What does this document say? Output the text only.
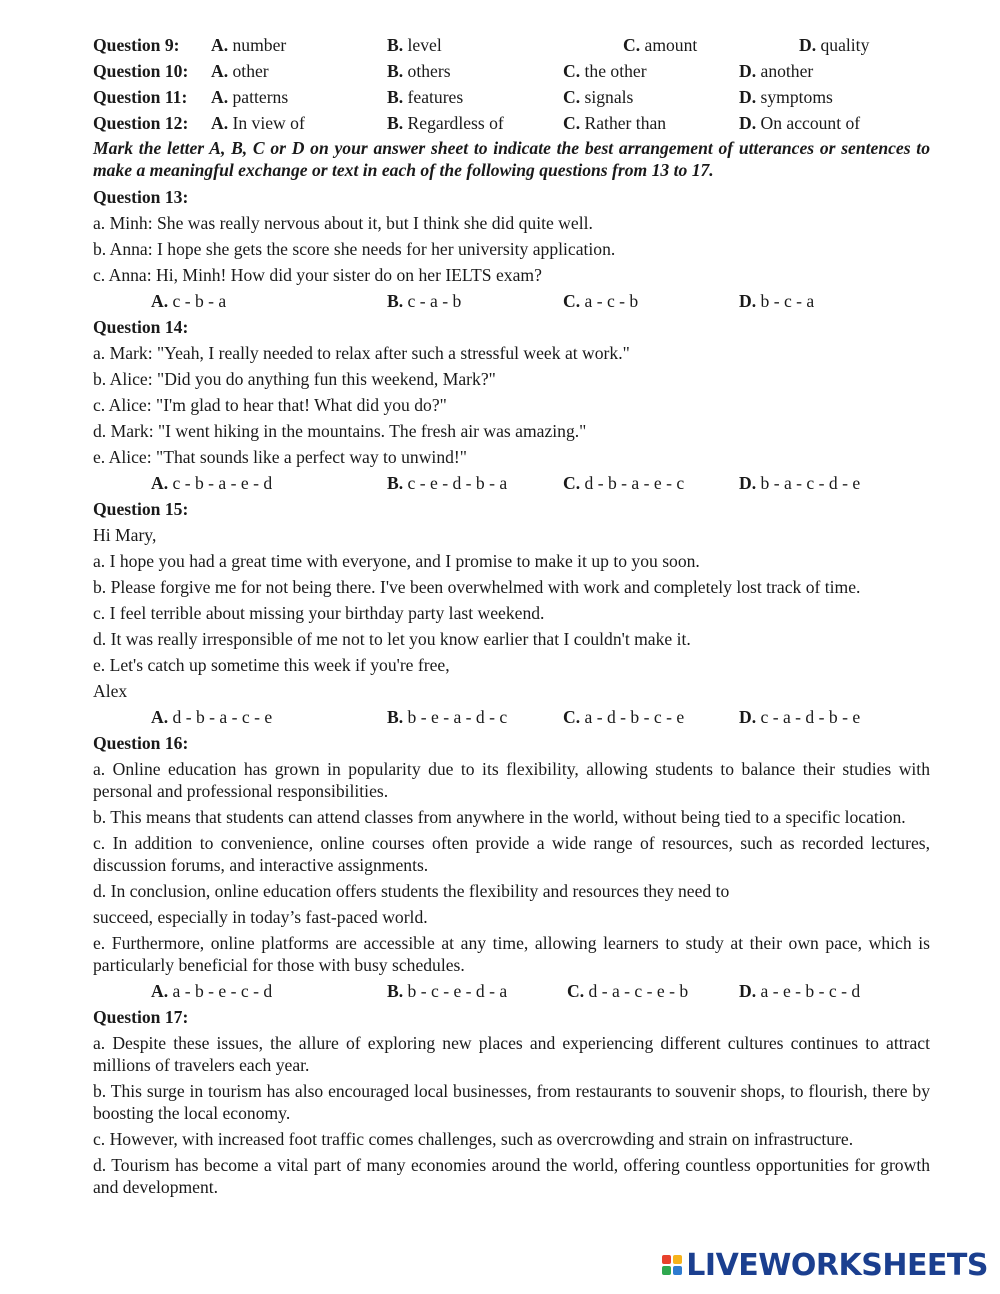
Question 9: A. number	B. level	C. amount	D. quality
Question 10: A. other	B. others	C. the other	D. another
Question 11: A. patterns	B. features	C. signals	D. symptoms
Question 12: A. In view of	B. Regardless of	C. Rather than	D. On account of
Mark the letter A, B, C or D on your answer sheet to indicate the best arrangement of utterances or sentences to make a meaningful exchange or text in each of the following questions from 13 to 17.
Question 13:
a. Minh: She was really nervous about it, but I think she did quite well.
b. Anna: I hope she gets the score she needs for her university application.
c. Anna: Hi, Minh! How did your sister do on her IELTS exam?
A. c - b - a	B. c - a - b	C. a - c - b	D. b - c - a
Question 14:
a. Mark: "Yeah, I really needed to relax after such a stressful week at work."
b. Alice: "Did you do anything fun this weekend, Mark?"
c. Alice: "I'm glad to hear that! What did you do?"
d. Mark: "I went hiking in the mountains. The fresh air was amazing."
e. Alice: "That sounds like a perfect way to unwind!"
A. c - b - a - e - d	B. c - e - d - b - a	C. d - b - a - e - c	D. b - a - c - d - e
Question 15:
Hi Mary,
a. I hope you had a great time with everyone, and I promise to make it up to you soon.
b. Please forgive me for not being there. I've been overwhelmed with work and completely lost track of time.
c. I feel terrible about missing your birthday party last weekend.
d. It was really irresponsible of me not to let you know earlier that I couldn't make it.
e. Let's catch up sometime this week if you're free,
Alex
A. d - b - a - c - e	B. b - e - a - d - c	C. a - d - b - c - e	D. c - a - d - b - e
Question 16:
a. Online education has grown in popularity due to its flexibility, allowing students to balance their studies with personal and professional responsibilities.
b. This means that students can attend classes from anywhere in the world, without being tied to a specific location.
c. In addition to convenience, online courses often provide a wide range of resources, such as recorded lectures, discussion forums, and interactive assignments.
d. In conclusion, online education offers students the flexibility and resources they need to
succeed, especially in today’s fast-paced world.
e. Furthermore, online platforms are accessible at any time, allowing learners to study at their own pace, which is particularly beneficial for those with busy schedules.
A. a - b - e - c - d	B. b - c - e - d - a	C. d - a - c - e - b	D. a - e - b - c - d
Question 17:
a. Despite these issues, the allure of exploring new places and experiencing different cultures continues to attract millions of travelers each year.
b. This surge in tourism has also encouraged local businesses, from restaurants to souvenir shops, to flourish, there by boosting the local economy.
c. However, with increased foot traffic comes challenges, such as overcrowding and strain on infrastructure.
d. Tourism has become a vital part of many economies around the world, offering countless opportunities for growth and development.
LIVEWORKSHEETS
